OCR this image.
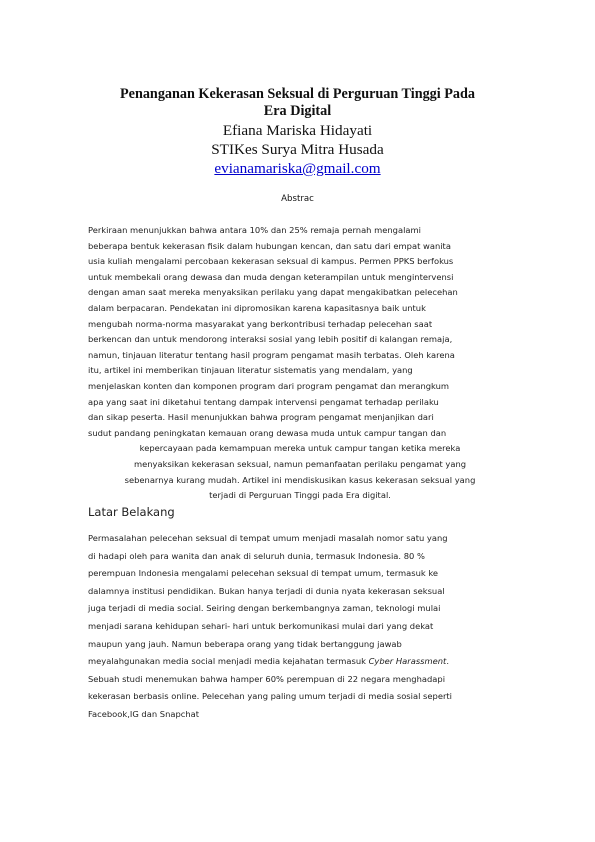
Penanganan Kekerasan Seksual di Perguruan Tinggi Pada
Era Digital
Efiana Mariska Hidayati
STIKes Surya Mitra Husada
evianamariska@gmail.com
Abstrac
Perkiraan menunjukkan bahwa antara 10% dan 25% remaja pernah mengalami
beberapa bentuk kekerasan fisik dalam hubungan kencan, dan satu dari empat wanita
usia kuliah mengalami percobaan kekerasan seksual di kampus. Permen PPKS berfokus
untuk membekali orang dewasa dan muda dengan keterampilan untuk mengintervensi
dengan aman saat mereka menyaksikan perilaku yang dapat mengakibatkan pelecehan
dalam berpacaran. Pendekatan ini dipromosikan karena kapasitasnya baik untuk
mengubah norma-norma masyarakat yang berkontribusi terhadap pelecehan saat
berkencan dan untuk mendorong interaksi sosial yang lebih positif di kalangan remaja,
namun, tinjauan literatur tentang hasil program pengamat masih terbatas. Oleh karena
itu, artikel ini memberikan tinjauan literatur sistematis yang mendalam, yang
menjelaskan konten dan komponen program dari program pengamat dan merangkum
apa yang saat ini diketahui tentang dampak intervensi pengamat terhadap perilaku
dan sikap peserta. Hasil menunjukkan bahwa program pengamat menjanjikan dari
sudut pandang peningkatan kemauan orang dewasa muda untuk campur tangan dan
kepercayaan pada kemampuan mereka untuk campur tangan ketika mereka
menyaksikan kekerasan seksual, namun pemanfaatan perilaku pengamat yang
sebenarnya kurang mudah. Artikel ini mendiskusikan kasus kekerasan seksual yang
terjadi di Perguruan Tinggi pada Era digital.
Latar Belakang
Permasalahan pelecehan seksual di tempat umum menjadi masalah nomor satu yang
di hadapi oleh para wanita dan anak di seluruh dunia, termasuk Indonesia. 80 %
perempuan Indonesia mengalami pelecehan seksual di tempat umum, termasuk ke
dalamnya institusi pendidikan. Bukan hanya terjadi di dunia nyata kekerasan seksual
juga terjadi di media social. Seiring dengan berkembangnya zaman, teknologi mulai
menjadi sarana kehidupan sehari- hari untuk berkomunikasi mulai dari yang dekat
maupun yang jauh. Namun beberapa orang yang tidak bertanggung jawab
meyalahgunakan media social menjadi media kejahatan termasuk Cyber Harassment.
Sebuah studi menemukan bahwa hamper 60% perempuan di 22 negara menghadapi
kekerasan berbasis online. Pelecehan yang paling umum terjadi di media sosial seperti
Facebook,IG dan Snapchat
